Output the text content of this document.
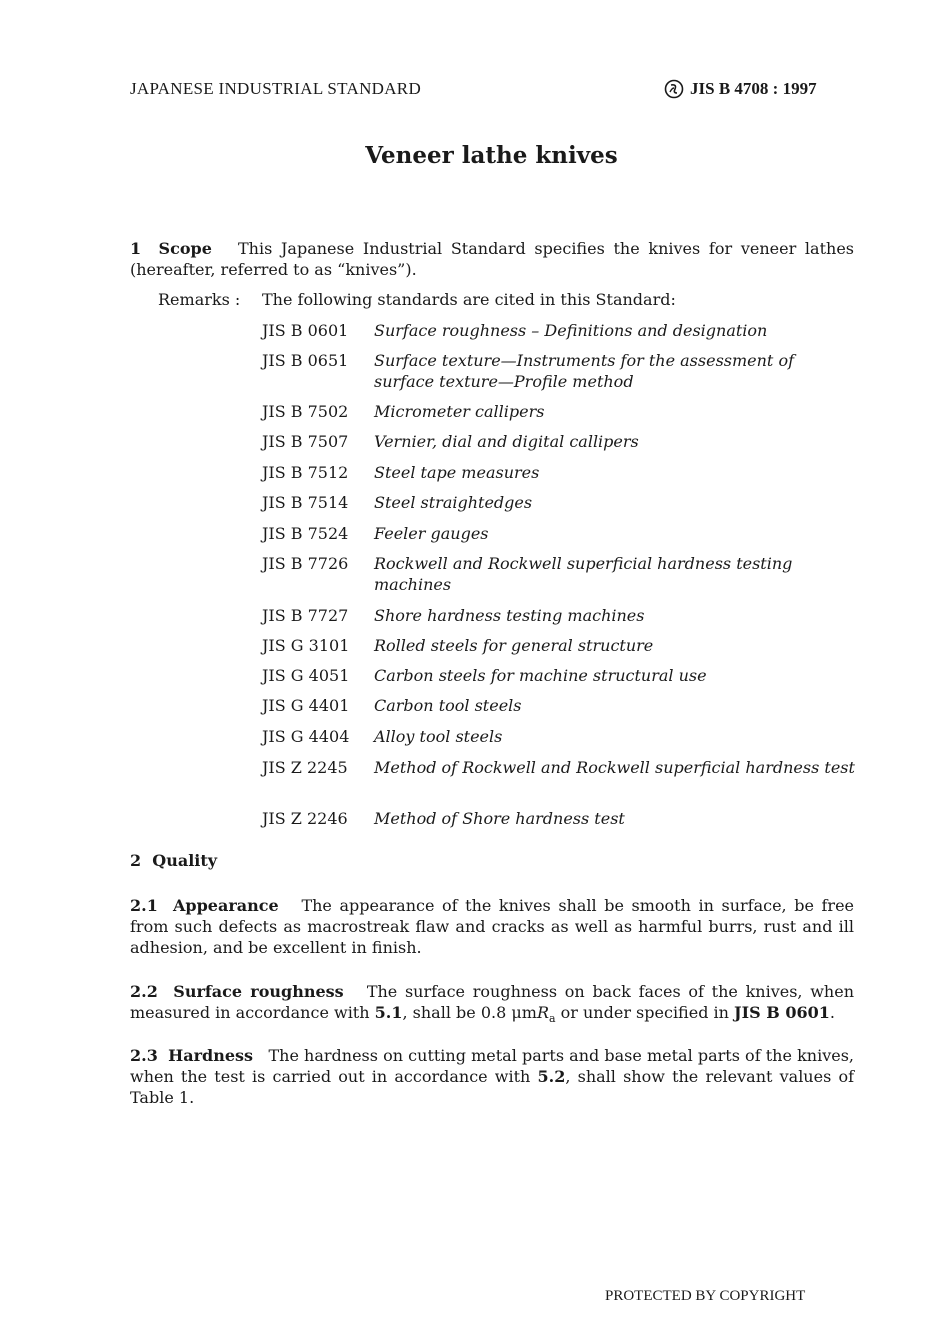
JAPANESE INDUSTRIAL STANDARD	JIS B 4708 : 1997
Veneer lathe knives
1 Scope This Japanese Industrial Standard specifies the knives for veneer lathes (hereafter, referred to as “knives”).
Remarks : The following standards are cited in this Standard:
JIS B 0601 Surface roughness – Definitions and designation
JIS B 0651 Surface texture—Instruments for the assessment of surface texture—Profile method
JIS B 7502 Micrometer callipers
JIS B 7507 Vernier, dial and digital callipers
JIS B 7512 Steel tape measures
JIS B 7514 Steel straightedges
JIS B 7524 Feeler gauges
JIS B 7726 Rockwell and Rockwell superficial hardness testing machines
JIS B 7727 Shore hardness testing machines
JIS G 3101 Rolled steels for general structure
JIS G 4051 Carbon steels for machine structural use
JIS G 4401 Carbon tool steels
JIS G 4404 Alloy tool steels
JIS Z 2245 Method of Rockwell and Rockwell superficial hardness test
JIS Z 2246 Method of Shore hardness test
2 Quality
2.1 Appearance The appearance of the knives shall be smooth in surface, be free from such defects as macrostreak flaw and cracks as well as harmful burrs, rust and ill adhesion, and be excellent in finish.
2.2 Surface roughness The surface roughness on back faces of the knives, when measured in accordance with 5.1, shall be 0.8 μmR$_a$ or under specified in JIS B 0601.
2.3 Hardness The hardness on cutting metal parts and base metal parts of the knives, when the test is carried out in accordance with 5.2, shall show the relevant values of Table 1.
PROTECTED BY COPYRIGHT
